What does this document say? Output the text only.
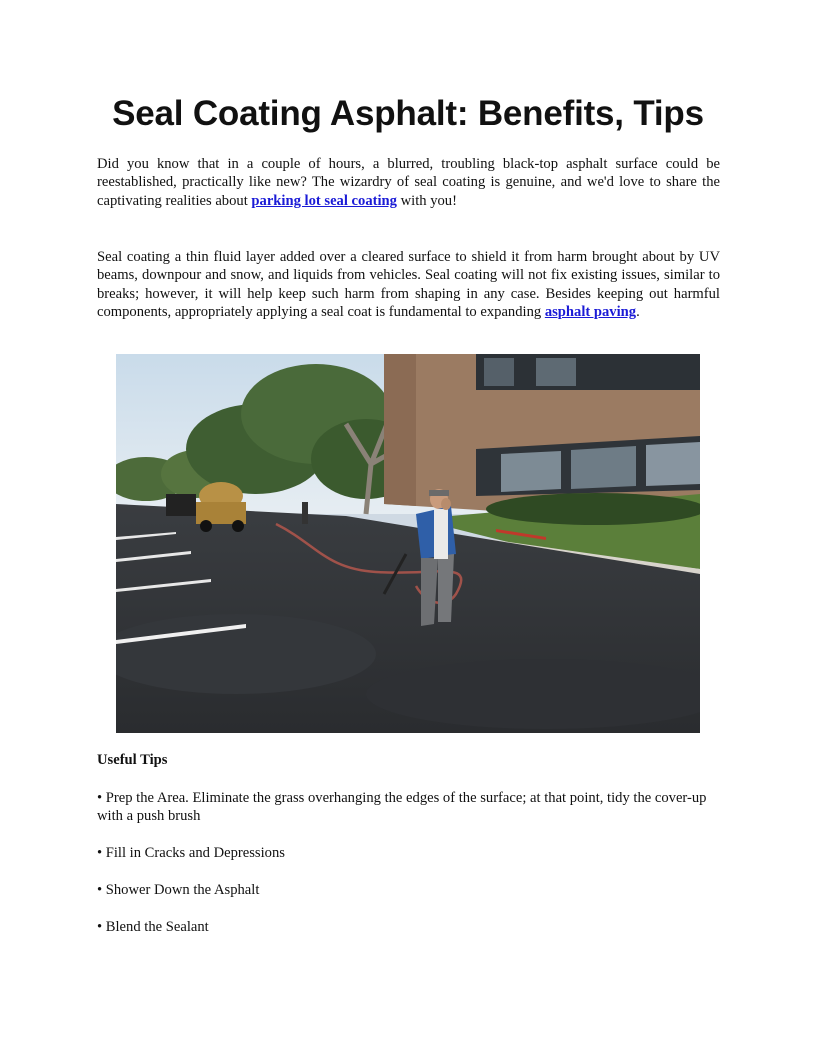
Seal Coating Asphalt: Benefits, Tips

Did you know that in a couple of hours, a blurred, troubling black-top asphalt surface could be reestablished, practically like new? The wizardry of seal coating is genuine, and we'd love to share the captivating realities about parking lot seal coating with you!

Seal coating a thin fluid layer added over a cleared surface to shield it from harm brought about by UV beams, downpour and snow, and liquids from vehicles. Seal coating will not fix existing issues, similar to breaks; however, it will help keep such harm from shaping in any case. Besides keeping out harmful components, appropriately applying a seal coat is fundamental to expanding asphalt paving.

Useful Tips

• Prep the Area. Eliminate the grass overhanging the edges of the surface; at that point, tidy the cover-up with a push brush

• Fill in Cracks and Depressions

• Shower Down the Asphalt

• Blend the Sealant
